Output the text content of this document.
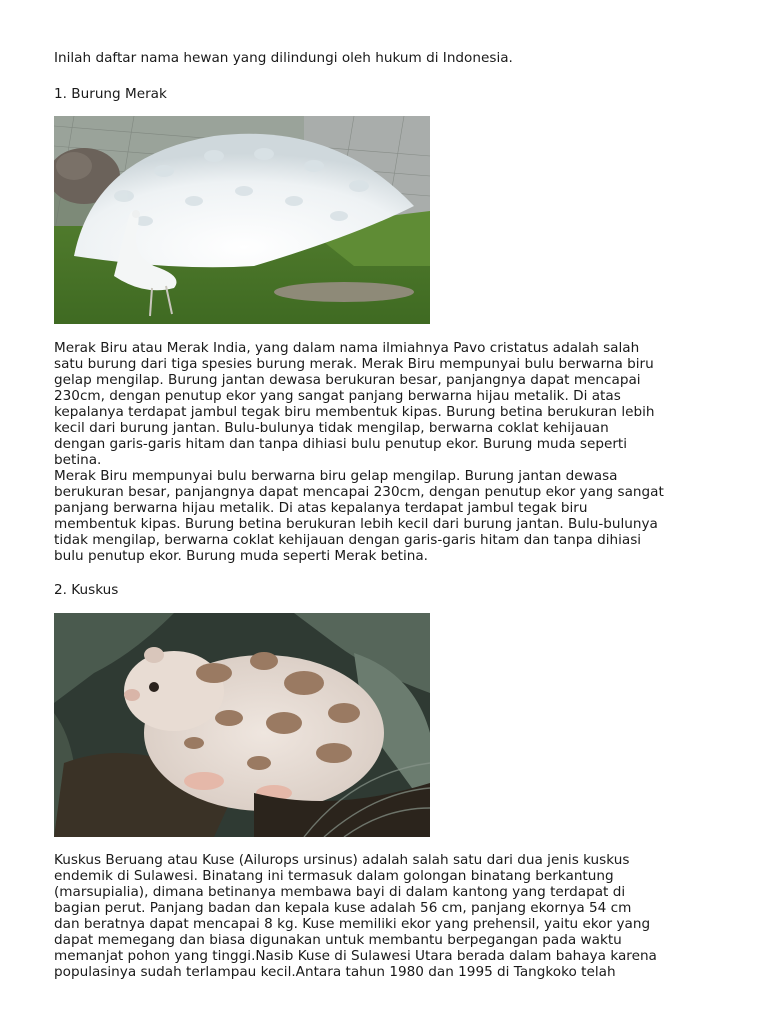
Inilah daftar nama hewan yang dilindungi oleh hukum di Indonesia.

1. Burung Merak

Merak Biru atau Merak India, yang dalam nama ilmiahnya Pavo cristatus adalah salah
satu burung dari tiga spesies burung merak. Merak Biru mempunyai bulu berwarna biru
gelap mengilap. Burung jantan dewasa berukuran besar, panjangnya dapat mencapai
230cm, dengan penutup ekor yang sangat panjang berwarna hijau metalik. Di atas
kepalanya terdapat jambul tegak biru membentuk kipas. Burung betina berukuran lebih
kecil dari burung jantan. Bulu-bulunya tidak mengilap, berwarna coklat kehijauan
dengan garis-garis hitam dan tanpa dihiasi bulu penutup ekor. Burung muda seperti
betina.
Merak Biru mempunyai bulu berwarna biru gelap mengilap. Burung jantan dewasa
berukuran besar, panjangnya dapat mencapai 230cm, dengan penutup ekor yang sangat
panjang berwarna hijau metalik. Di atas kepalanya terdapat jambul tegak biru
membentuk kipas. Burung betina berukuran lebih kecil dari burung jantan. Bulu-bulunya
tidak mengilap, berwarna coklat kehijauan dengan garis-garis hitam dan tanpa dihiasi
bulu penutup ekor. Burung muda seperti Merak betina.

2. Kuskus

Kuskus Beruang atau Kuse (Ailurops ursinus) adalah salah satu dari dua jenis kuskus
endemik di Sulawesi. Binatang ini termasuk dalam golongan binatang berkantung
(marsupialia), dimana betinanya membawa bayi di dalam kantong yang terdapat di
bagian perut. Panjang badan dan kepala kuse adalah 56 cm, panjang ekornya 54 cm
dan beratnya dapat mencapai 8 kg. Kuse memiliki ekor yang prehensil, yaitu ekor yang
dapat memegang dan biasa digunakan untuk membantu berpegangan pada waktu
memanjat pohon yang tinggi.Nasib Kuse di Sulawesi Utara berada dalam bahaya karena
populasinya sudah terlampau kecil.Antara tahun 1980 dan 1995 di Tangkoko telah
